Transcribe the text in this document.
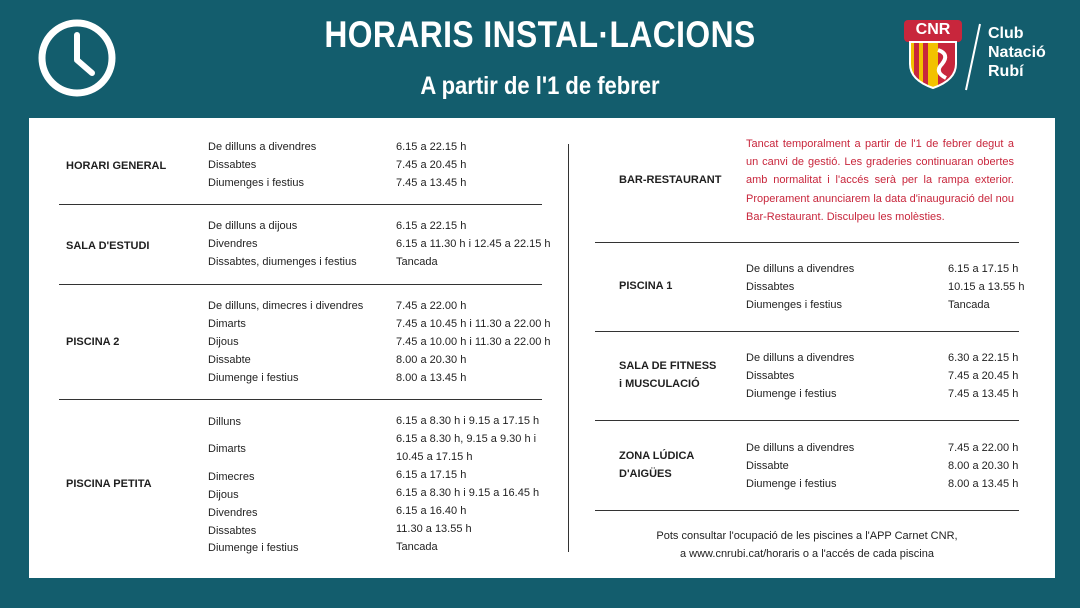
HORARIS INSTAL·LACIONS
A partir de l'1 de febrer
CNR	Club
Natació
Rubí
HORARI GENERAL
De dilluns a divendres	6.15 a 22.15 h
Dissabtes	7.45 a 20.45 h
Diumenges i festius	7.45 a 13.45 h
SALA D'ESTUDI
De dilluns a dijous	6.15 a 22.15 h
Divendres	6.15 a 11.30 h i 12.45 a 22.15 h
Dissabtes, diumenges i festius	Tancada
PISCINA 2
De dilluns, dimecres i divendres	7.45 a 22.00 h
Dimarts	7.45 a 10.45 h i 11.30 a 22.00 h
Dijous	7.45 a 10.00 h i 11.30 a 22.00 h
Dissabte	8.00 a 20.30 h
Diumenge i festius	8.00 a 13.45 h
PISCINA PETITA
Dilluns	6.15 a 8.30 h i 9.15 a 17.15 h
Dimarts
6.15 a 8.30 h, 9.15 a 9.30 h i
10.45 a 17.15 h
Dimecres	6.15 a 17.15 h
Dijous	6.15 a 8.30 h i 9.15 a 16.45 h
Divendres	6.15 a 16.40 h
Dissabtes	11.30 a 13.55 h
Diumenge i festius	Tancada
BAR-RESTAURANT
Tancat temporalment a partir de l'1 de febrer degut a un canvi de gestió. Les graderies continuaran obertes amb normalitat i l'accés serà per la rampa exterior. Properament anunciarem la data d'inauguració del nou Bar-Restaurant. Disculpeu les molèsties.
PISCINA 1
De dilluns a divendres	6.15 a 17.15 h
Dissabtes	10.15 a 13.55 h
Diumenges i festius	Tancada
SALA DE FITNESS
i MUSCULACIÓ
De dilluns a divendres	6.30 a 22.15 h
Dissabtes	7.45 a 20.45 h
Diumenge i festius	7.45 a 13.45 h
ZONA LÚDICA
D'AIGÜES
De dilluns a divendres	7.45 a 22.00 h
Dissabte	8.00 a 20.30 h
Diumenge i festius	8.00 a 13.45 h
Pots consultar l'ocupació de les piscines a l'APP Carnet CNR,
a www.cnrubi.cat/horaris o a l'accés de cada piscina
